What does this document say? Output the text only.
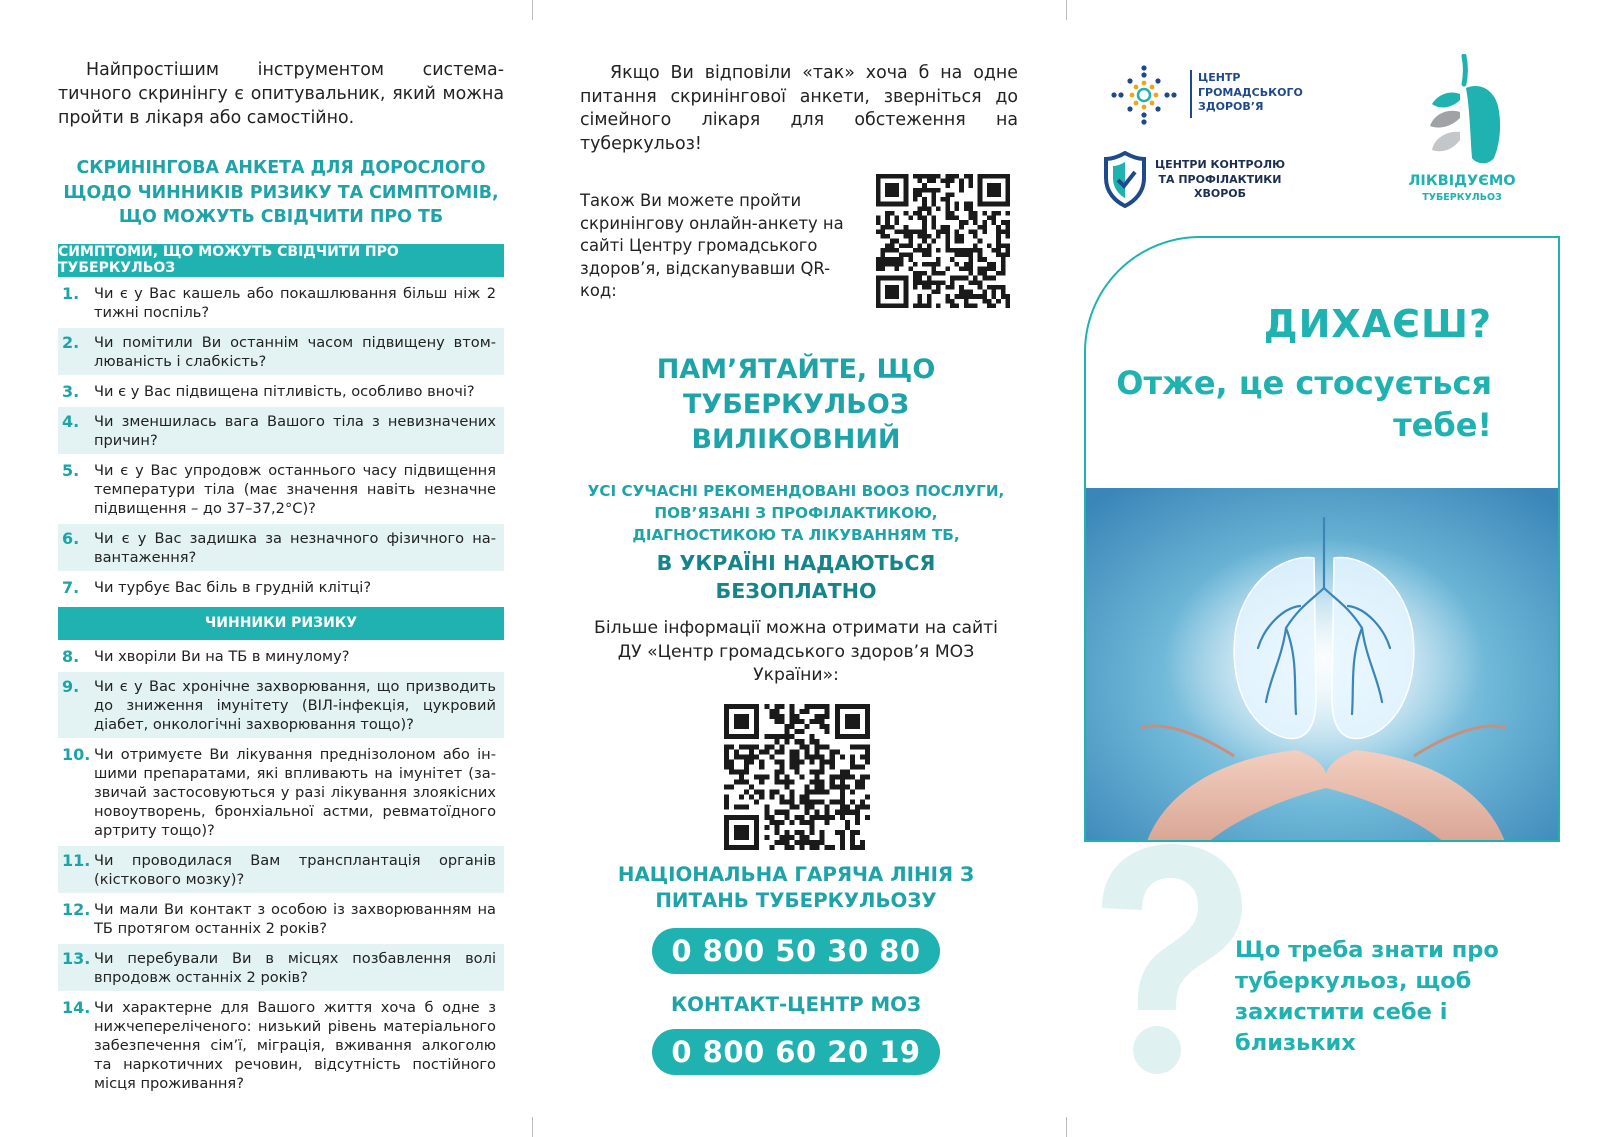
Найпростішим інструментом системaтичного скринінгу є опитувальник, який можна пройти в лікаря або самостійно.

СКРИНІНГОВА АНКЕТА ДЛЯ ДОРОСЛОГО ЩОДО ЧИННИКІВ РИЗИКУ ТА СИМПТОМІВ, ЩО МОЖУТЬ СВІДЧИТИ ПРО ТБ
СИМПТОМИ, ЩО МОЖУТЬ СВІДЧИТИ ПРО ТУБЕРКУЛЬОЗ
1.	Чи є у Вас кашель або покашлювання більш ніж 2 тижні поспіль?
2.	Чи помітили Ви останнім часом підвищену втомлюваність і слабкість?
3.	Чи є у Вас підвищена пітливість, особливо вночі?
4.	Чи зменшилась вага Вашого тіла з невизначених причин?
5.	Чи є у Вас упродовж останнього часу підвищення температури тіла (має значення навіть незначне підвищення – до 37–37,2°С)?
6.	Чи є у Вас задишка за незначного фізичного навантаження?
7.	Чи турбує Вас біль в грудній клітці?
ЧИННИКИ РИЗИКУ
8.	Чи хворіли Ви на ТБ в минулому?
9.	Чи є у Вас хронічне захворювання, що призводить до зниження імунітету (ВІЛ-інфекція, цукровий діабет, онкологічні захворювання тощо)?
10. Чи отримуєте Ви лікування преднізолоном або іншими препаратами, які впливають на імунітет (зазвичай застосовуються у разі лікування злоякісних новоутворень, бронхіальної астми, ревматоїдного артриту тощо)?
11. Чи проводилася Вам трансплантація органів (кісткового мозку)?
12. Чи мали Ви контакт з особою із захворюванням на ТБ протягом останніх 2 років?
13. Чи перебували Ви в місцях позбавлення волі впродовж останніх 2 років?
14. Чи характерне для Вашого життя хоча б одне з нижчепереліченого: низький рівень матеріального забезпечення сім’ї, міграція, вживання алкоголю та наркотичних речовин, відсутність постійного місця проживання?

Якщо Ви відповіли «так» хоча б на одне питання скринінгової анкети, зверніться до сімейного лікаря для обстеження на туберкульоз!

Також Ви можете пройти скринінгову онлайн-анкету на сайті Центру громадського здоров’я, відскanувавши QR-код:

ПАМ’ЯТАЙТЕ, ЩО ТУБЕРКУЛЬОЗ ВИЛІКОВНИЙ

УСІ СУЧАСНІ РЕКОМЕНДОВАНІ ВООЗ ПОСЛУГИ, ПОВ’ЯЗАНІ З ПРОФІЛАКТИКОЮ, ДІАГНОСТИКОЮ ТА ЛІКУВАННЯМ ТБ,

В УКРАЇНІ НАДАЮТЬСЯ БЕЗОПЛАТНО

Більше інформації можна отримати на сайті ДУ «Центр громадського здоров’я МОЗ України»:

НАЦІОНАЛЬНА ГАРЯЧА ЛІНІЯ З ПИТАНЬ ТУБЕРКУЛЬОЗУ
0 800 50 30 80
КОНТАКТ-ЦЕНТР МОЗ
0 800 60 20 19
ЦЕНТР ГРОМАДСЬКОГО ЗДОРОВ’Я
ЦЕНТРИ КОНТРОЛЮ ТА ПРОФІЛАКТИКИ ХВОРОБ
ЛІКВІДУЄМО
ТУБЕРКУЛЬОЗ
ДИХАЄШ?
Отже, це стосується тебе!

Що треба знати про туберкульоз, щоб захистити себе і близьких
